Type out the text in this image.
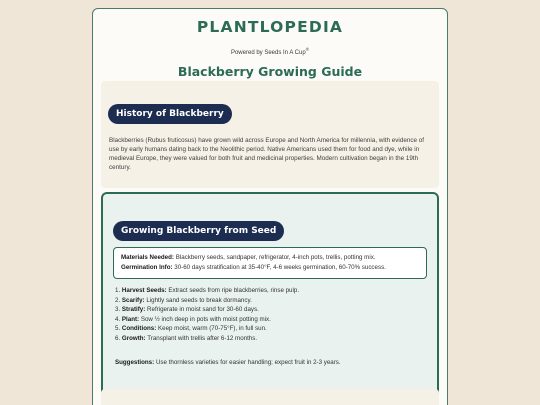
PLANTLOPEDIA
Powered by Seeds In A Cup®
Blackberry Growing Guide
History of Blackberry

Blackberries (Rubus fruticosus) have grown wild across Europe and North America for millennia, with evidence of use by early humans dating back to the Neolithic period. Native Americans used them for food and dye, while in medieval Europe, they were valued for both fruit and medicinal properties. Modern cultivation began in the 19th century.

Growing Blackberry from Seed
Materials Needed: Blackberry seeds, sandpaper, refrigerator, 4-inch pots, trellis, potting mix.
Germination Info: 30-60 days stratification at 35-40°F, 4-6 weeks germination, 60-70% success.
1. Harvest Seeds: Extract seeds from ripe blackberries, rinse pulp.
2. Scarify: Lightly sand seeds to break dormancy.
3. Stratify: Refrigerate in moist sand for 30-60 days.
4. Plant: Sow ½ inch deep in pots with moist potting mix.
5. Conditions: Keep moist, warm (70-75°F), in full sun.
6. Growth: Transplant with trellis after 6-12 months.

Suggestions: Use thornless varieties for easier handling; expect fruit in 2-3 years.
